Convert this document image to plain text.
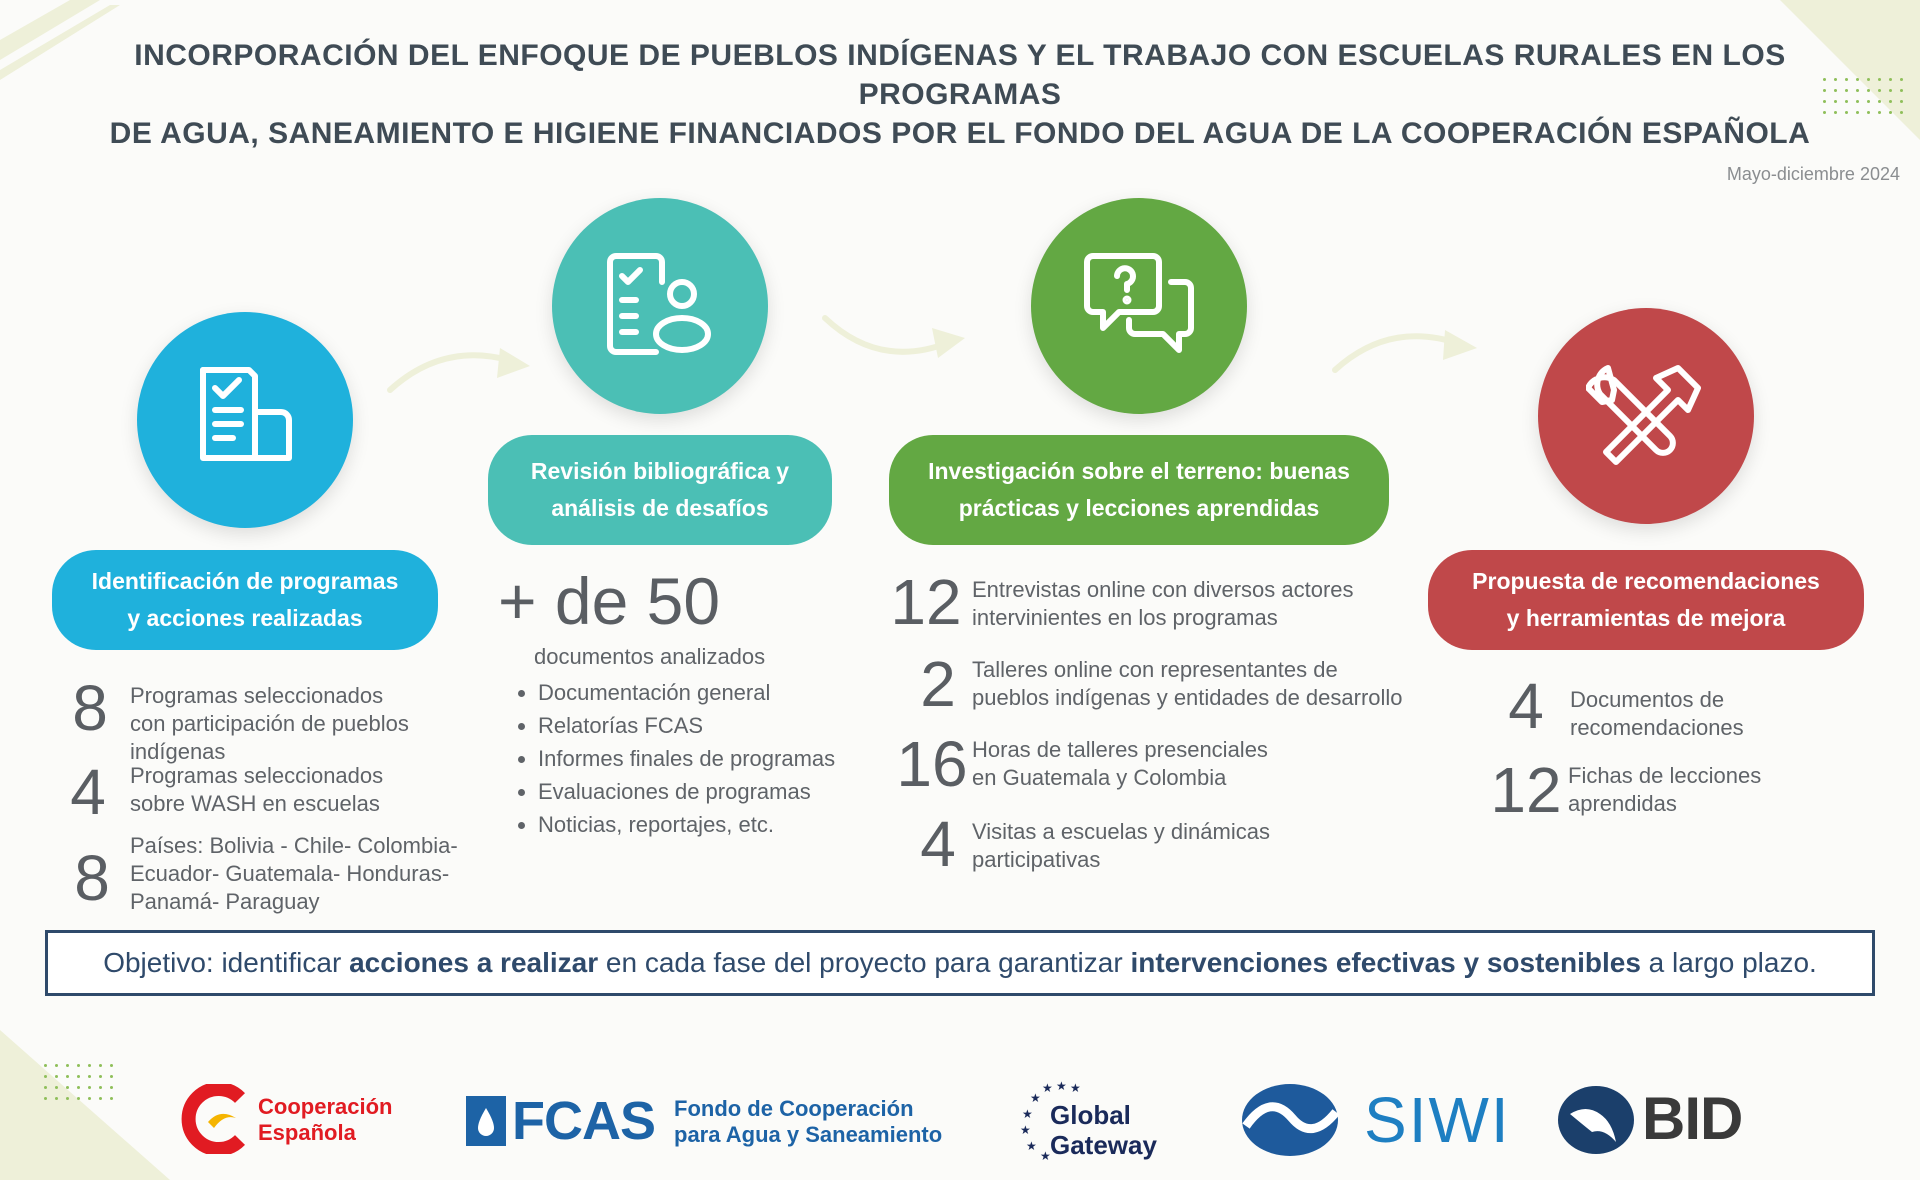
INCORPORACIÓN DEL ENFOQUE DE PUEBLOS INDÍGENAS Y EL TRABAJO CON ESCUELAS RURALES EN LOS PROGRAMAS
DE AGUA, SANEAMIENTO E HIGIENE FINANCIADOS POR EL FONDO DEL AGUA DE LA COOPERACIÓN ESPAÑOLA
Mayo-diciembre 2024
Identificación de programas
y acciones realizadas
8	Programas seleccionados
con participación de pueblos
indígenas
4	Programas seleccionados
sobre WASH en escuelas
8 Países: Bolivia - Chile- Colombia-
Ecuador- Guatemala- Honduras-
Panamá- Paraguay
Revisión bibliográfica y
análisis de desafíos
+ de 50
documentos analizados
Documentación general
Relatorías FCAS
Informes finales de programas
Evaluaciones de programas
Noticias, reportajes, etc.
Investigación sobre el terreno: buenas
prácticas y lecciones aprendidas
12 Entrevistas online con diversos actores
intervinientes en los programas
2 Talleres online con representantes de
pueblos indígenas y entidades de desarrollo
16 Horas de talleres presenciales
en Guatemala y Colombia
4 Visitas a escuelas y dinámicas
participativas
Propuesta de recomendaciones
y herramientas de mejora
4	Documentos de
recomendaciones
12 Fichas de lecciones
aprendidas
Objetivo: identificar acciones a realizar en cada fase del proyecto para garantizar intervenciones efectivas y sostenibles a largo plazo.
Cooperación
Española	FCAS Fondo de Cooperación
para Agua y Saneamiento
★ ★ ★
★
★
★
★
★
Global
Gateway	SIWI BID
